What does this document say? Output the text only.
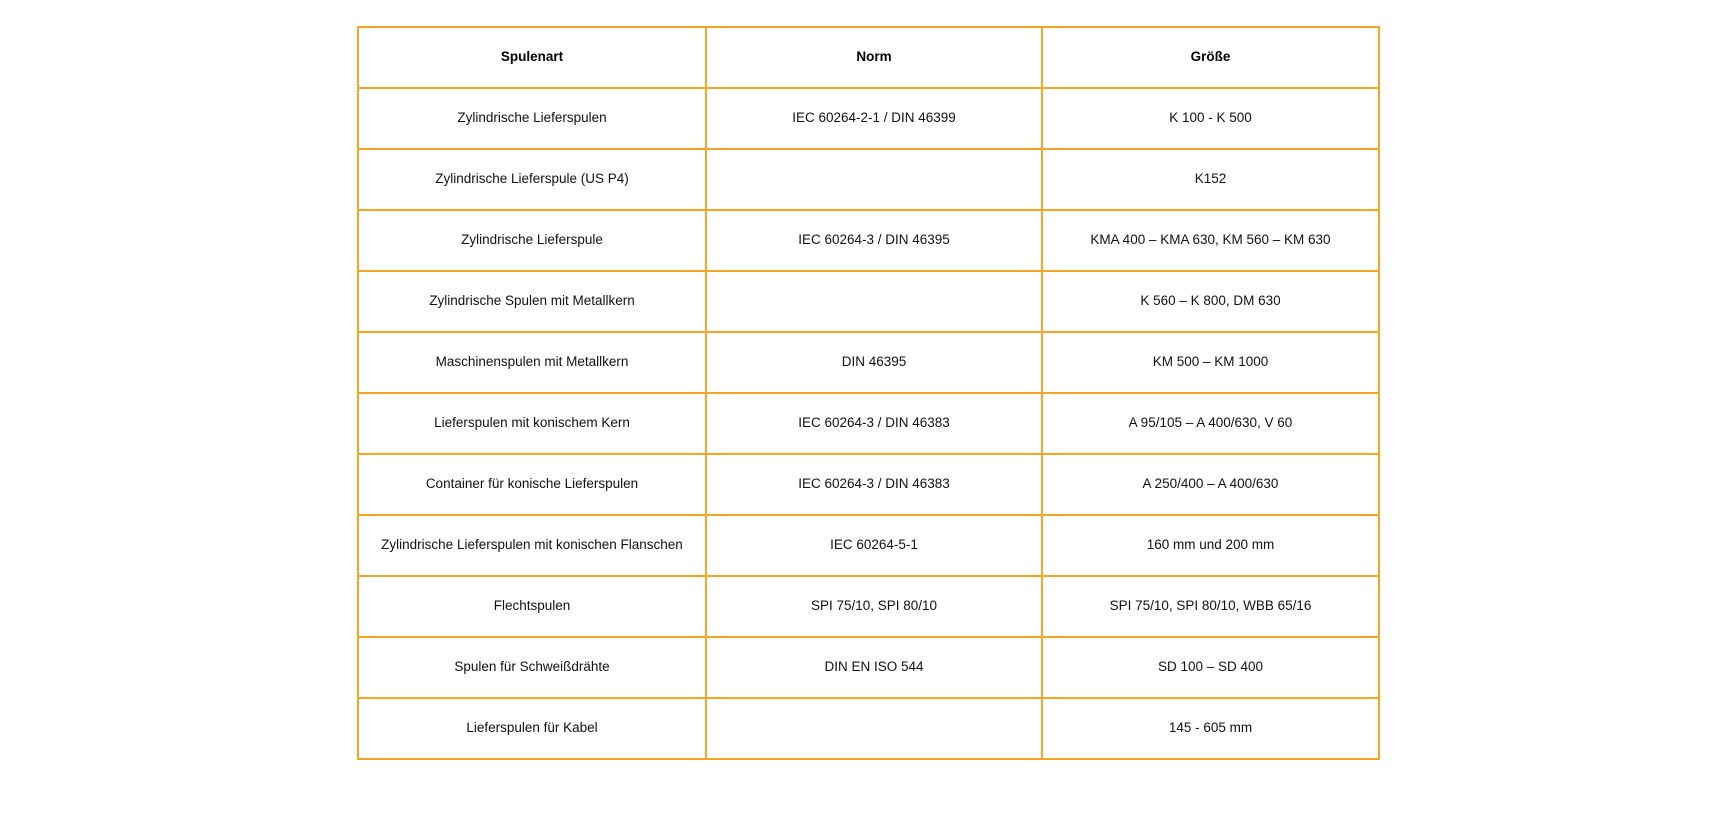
Spulenart	Norm	Größe
Zylindrische Lieferspulen	IEC 60264-2-1 / DIN 46399	K 100 - K 500
Zylindrische Lieferspule (US P4)		K152
Zylindrische Lieferspule	IEC 60264-3 / DIN 46395	KMA 400 – KMA 630, KM 560 – KM 630
Zylindrische Spulen mit Metallkern		K 560 – K 800, DM 630
Maschinenspulen mit Metallkern	DIN 46395	KM 500 – KM 1000
Lieferspulen mit konischem Kern	IEC 60264-3 / DIN 46383	A 95/105 – A 400/630, V 60
Container für konische Lieferspulen	IEC 60264-3 / DIN 46383	A 250/400 – A 400/630
Zylindrische Lieferspulen mit konischen Flanschen	IEC 60264-5-1	160 mm und 200 mm
Flechtspulen	SPI 75/10, SPI 80/10	SPI 75/10, SPI 80/10, WBB 65/16
Spulen für Schweißdrähte	DIN EN ISO 544	SD 100 – SD 400
Lieferspulen für Kabel		145 - 605 mm
